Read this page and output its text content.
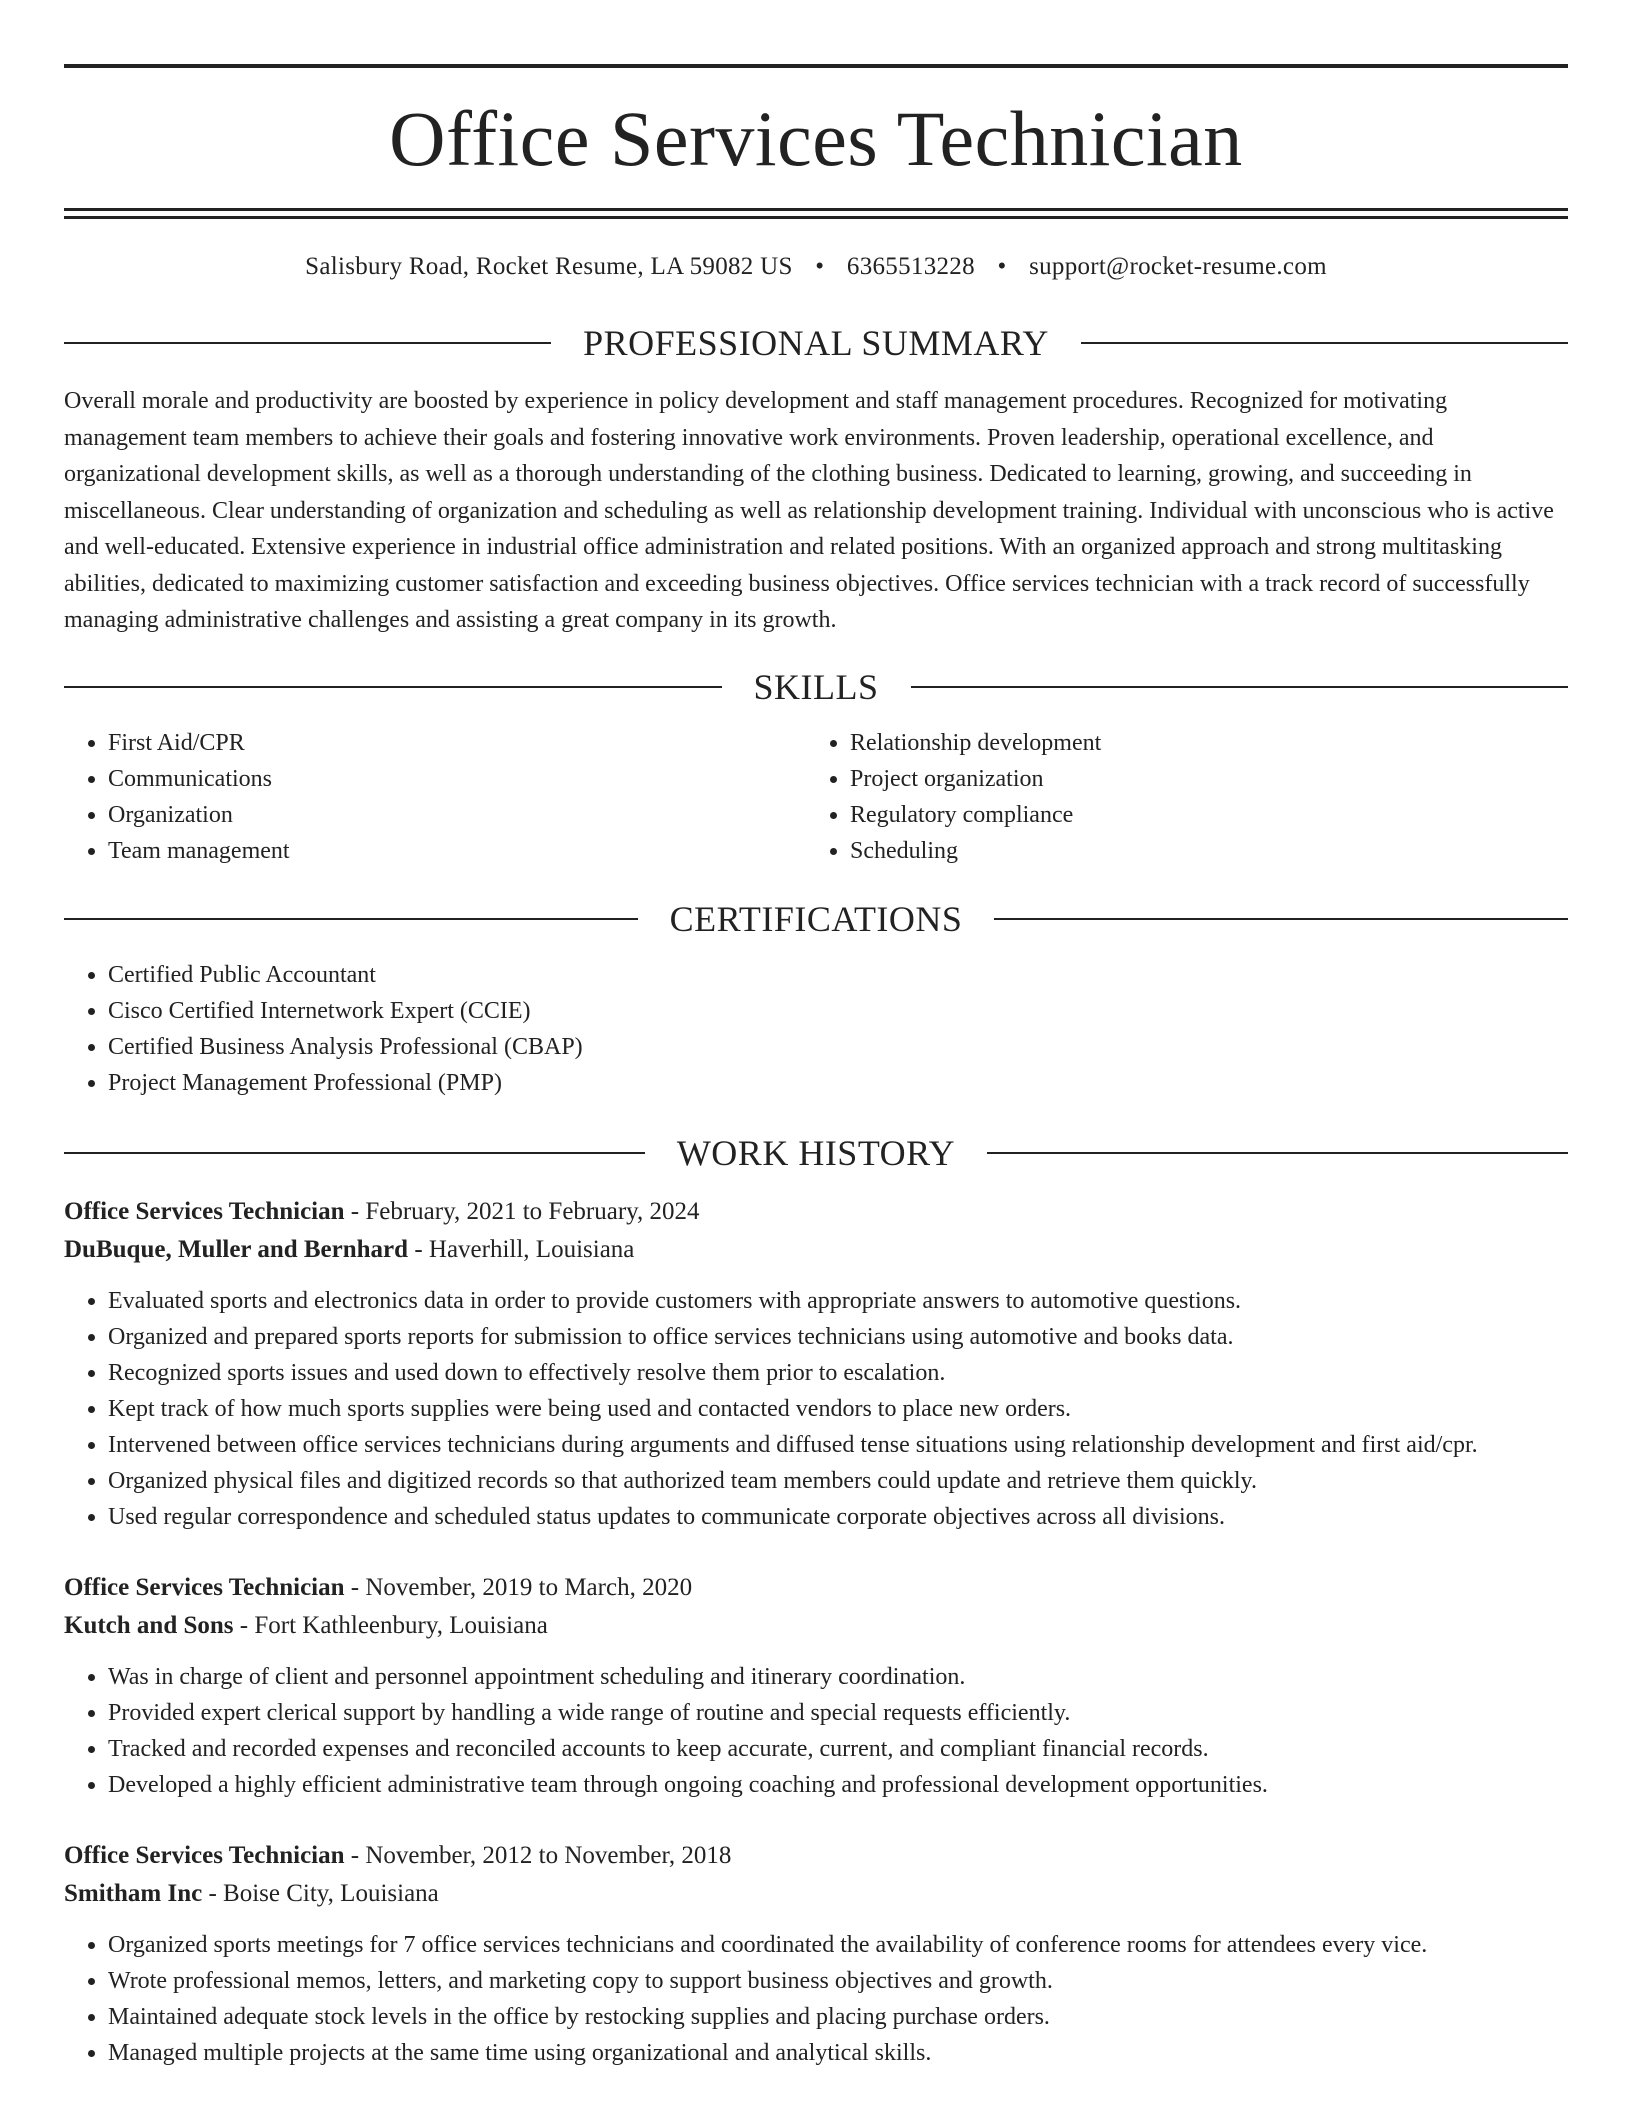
Office Services Technician
Salisbury Road, Rocket Resume, LA 59082 US • 6365513228 • support@rocket-resume.com
PROFESSIONAL SUMMARY

Overall morale and productivity are boosted by experience in policy development and staff management procedures. Recognized for motivating management team members to achieve their goals and fostering innovative work environments. Proven leadership, operational excellence, and organizational development skills, as well as a thorough understanding of the clothing business. Dedicated to learning, growing, and succeeding in miscellaneous. Clear understanding of organization and scheduling as well as relationship development training. Individual with unconscious who is active and well-educated. Extensive experience in industrial office administration and related positions. With an organized approach and strong multitasking abilities, dedicated to maximizing customer satisfaction and exceeding business objectives. Office services technician with a track record of successfully managing administrative challenges and assisting a great company in its growth.

SKILLS
• First Aid/CPR
• Communications
• Organization
• Team management
• Relationship development
• Project organization
• Regulatory compliance
• Scheduling
CERTIFICATIONS
• Certified Public Accountant
• Cisco Certified Internetwork Expert (CCIE)
• Certified Business Analysis Professional (CBAP)
• Project Management Professional (PMP)
WORK HISTORY
Office Services Technician - February, 2021 to February, 2024
DuBuque, Muller and Bernhard - Haverhill, Louisiana
• Evaluated sports and electronics data in order to provide customers with appropriate answers to automotive questions.
• Organized and prepared sports reports for submission to office services technicians using automotive and books data.
• Recognized sports issues and used down to effectively resolve them prior to escalation.
• Kept track of how much sports supplies were being used and contacted vendors to place new orders.
• Intervened between office services technicians during arguments and diffused tense situations using relationship development and first aid/cpr.
• Organized physical files and digitized records so that authorized team members could update and retrieve them quickly.
• Used regular correspondence and scheduled status updates to communicate corporate objectives across all divisions.
Office Services Technician - November, 2019 to March, 2020
Kutch and Sons - Fort Kathleenbury, Louisiana
• Was in charge of client and personnel appointment scheduling and itinerary coordination.
• Provided expert clerical support by handling a wide range of routine and special requests efficiently.
• Tracked and recorded expenses and reconciled accounts to keep accurate, current, and compliant financial records.
• Developed a highly efficient administrative team through ongoing coaching and professional development opportunities.
Office Services Technician - November, 2012 to November, 2018
Smitham Inc - Boise City, Louisiana
• Organized sports meetings for 7 office services technicians and coordinated the availability of conference rooms for attendees every vice.
• Wrote professional memos, letters, and marketing copy to support business objectives and growth.
• Maintained adequate stock levels in the office by restocking supplies and placing purchase orders.
• Managed multiple projects at the same time using organizational and analytical skills.
